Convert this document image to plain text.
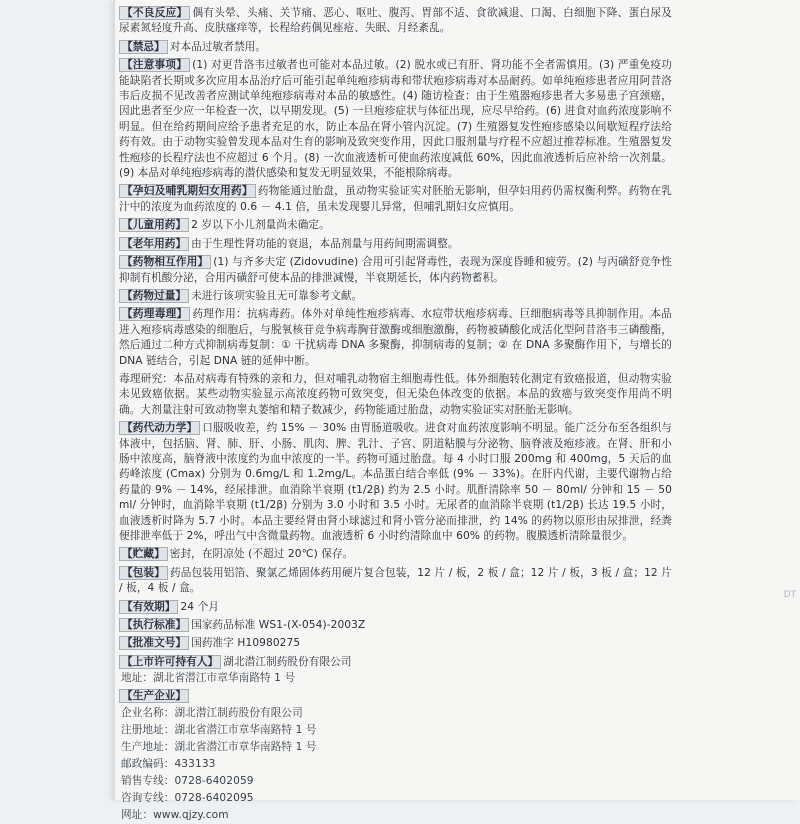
【不良反应】 偶有头晕、头痛、关节痛、恶心、呕吐、腹泻、胃部不适、食欲减退、口渴、白细胞下降、蛋白尿及尿素氮轻度升高、皮肤瘙痒等，长程给药偶见痤疮、失眠、月经紊乱。

【禁忌】 对本品过敏者禁用。

【注意事项】 (1) 对更昔洛韦过敏者也可能对本品过敏。(2) 脱水或已有肝、肾功能不全者需慎用。(3) 严重免疫功能缺陷者长期或多次应用本品治疗后可能引起单纯疱疹病毒和带状疱疹病毒对本品耐药。如单纯疱疹患者应用阿昔洛韦后皮损不见改善者应测试单纯疱疹病毒对本品的敏感性。(4) 随访检查：由于生殖器疱疹患者大多易患子宫颈癌，因此患者至少应一年检查一次，以早期发现。(5) 一旦疱疹症状与体征出现，应尽早给药。(6) 进食对血药浓度影响不明显。但在给药期间应给予患者充足的水，防止本品在肾小管内沉淀。(7) 生殖器复发性疱疹感染以间歇短程疗法给药有效。由于动物实验曾发现本品对生育的影响及致突变作用，因此口服剂量与疗程不应超过推荐标准。生殖器复发性疱疹的长程疗法也不应超过 6 个月。(8) 一次血液透析可使血药浓度减低 60%，因此血液透析后应补给一次剂量。(9) 本品对单纯疱疹病毒的潜伏感染和复发无明显效果，不能根除病毒。

【孕妇及哺乳期妇女用药】 药物能通过胎盘，虽动物实验证实对胚胎无影响，但孕妇用药仍需权衡利弊。药物在乳汁中的浓度为血药浓度的 0.6 － 4.1 倍，虽未发现婴儿异常，但哺乳期妇女应慎用。

【儿童用药】 2 岁以下小儿剂量尚未确定。

【老年用药】 由于生理性肾功能的衰退，本品剂量与用药间期需调整。

【药物相互作用】 (1) 与齐多夫定 (Zidovudine) 合用可引起肾毒性，表现为深度昏睡和疲劳。(2) 与丙磺舒竞争性抑制有机酸分泌，合用丙磺舒可使本品的排泄减慢，半衰期延长，体内药物蓄积。

【药物过量】 未进行该项实验且无可靠参考文献。

【药理毒理】 药理作用：抗病毒药。体外对单纯性疱疹病毒、水痘带状疱疹病毒、巨细胞病毒等具抑制作用。本品进入疱疹病毒感染的细胞后，与脱氧核苷竞争病毒胸苷激酶或细胞激酶，药物被磷酸化成活化型阿昔洛韦三磷酸酯，然后通过二种方式抑制病毒复制：① 干扰病毒 DNA 多聚酶，抑制病毒的复制；② 在 DNA 多聚酶作用下，与增长的 DNA 链结合，引起 DNA 链的延伸中断。

毒理研究：本品对病毒有特殊的亲和力，但对哺乳动物宿主细胞毒性低。体外细胞转化测定有致癌报道，但动物实验未见致癌依据。某些动物实验显示高浓度药物可致突变，但无染色体改变的依据。本品的致癌与致突变作用尚不明确。大剂量注射可致动物睾丸萎缩和精子数减少，药物能通过胎盘，动物实验证实对胚胎无影响。

【药代动力学】 口服吸收差，约 15% － 30% 由胃肠道吸收。进食对血药浓度影响不明显。能广泛分布至各组织与体液中，包括脑、肾、肺、肝、小肠、肌肉、脾、乳汁、子宫、阴道粘膜与分泌物、脑脊液及疱疹液。在肾、肝和小肠中浓度高，脑脊液中浓度约为血中浓度的一半。药物可通过胎盘。每 4 小时口服 200mg 和 400mg，5 天后的血药峰浓度 (Cmax) 分别为 0.6mg/L 和 1.2mg/L。本品蛋白结合率低 (9% － 33%)。在肝内代谢，主要代谢物占给药量的 9% － 14%，经尿排泄。血消除半衰期 (t1/2β) 约为 2.5 小时。肌酐清除率 50 － 80ml/ 分钟和 15 － 50ml/ 分钟时，血消除半衰期 (t1/2β) 分别为 3.0 小时和 3.5 小时。无尿者的血消除半衰期 (t1/2β) 长达 19.5 小时，血液透析时降为 5.7 小时。本品主要经肾由肾小球滤过和肾小管分泌而排泄，约 14% 的药物以原形由尿排泄，经粪便排泄率低于 2%，呼出气中含微量药物。血液透析 6 小时约清除血中 60% 的药物。腹膜透析清除量很少。

【贮藏】 密封，在阴凉处 (不超过 20℃) 保存。

【包装】 药品包装用铝箔、聚氯乙烯固体药用硬片复合包装，12 片 / 板，2 板 / 盒；12 片 / 板，3 板 / 盒；12 片 / 板，4 板 / 盒。

【有效期】 24 个月

【执行标准】 国家药品标准 WS1-(X-054)-2003Z

【批准文号】 国药准字 H10980275

【上市许可持有人】 湖北潜江制药股份有限公司

地址：湖北省潜江市章华南路特 1 号

【生产企业】

企业名称：湖北潜江制药股份有限公司

注册地址：湖北省潜江市章华南路特 1 号

生产地址：湖北省潜江市章华南路特 1 号

邮政编码：433133

销售专线：0728-6402059

咨询专线：0728-6402095

网址：www.qjzy.com

DT
